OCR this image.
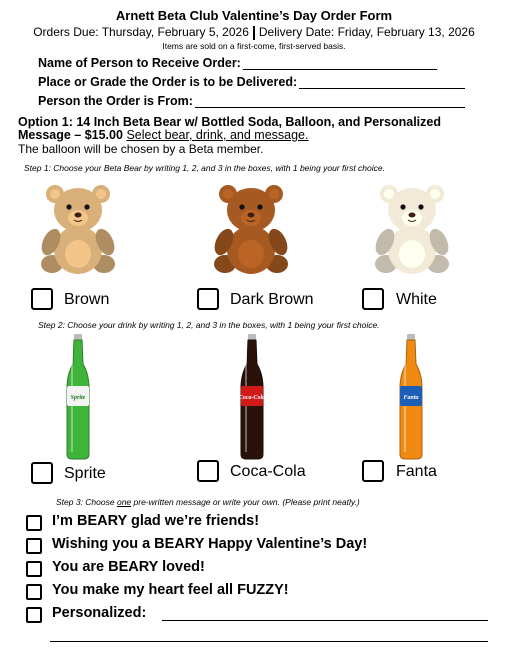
Arnett Beta Club Valentine’s Day Order Form
Orders Due: Thursday, February 5, 2026 Delivery Date: Friday, February 13, 2026
Items are sold on a first-come, first-served basis.
Name of Person to Receive Order:
Place or Grade the Order is to be Delivered:
Person the Order is From:
Option 1: 14 Inch Beta Bear w/ Bottled Soda, Balloon, and Personalized Message – $15.00 Select bear, drink, and message.
The balloon will be chosen by a Beta member.
Step 1: Choose your Beta Bear by writing 1, 2, and 3 in the boxes, with 1 being your first choice.
Brown	Dark Brown	White
Step 2: Choose your drink by writing 1, 2, and 3 in the boxes, with 1 being your first choice.
Sprite	Coca-Cola	Fanta
Sprite	Coca-Cola	Fanta
Step 3: Choose one pre-written message or write your own. (Please print neatly.)
I’m BEARY glad we’re friends!
Wishing you a BEARY Happy Valentine’s Day!
You are BEARY loved!
You make my heart feel all FUZZY!
Personalized:
